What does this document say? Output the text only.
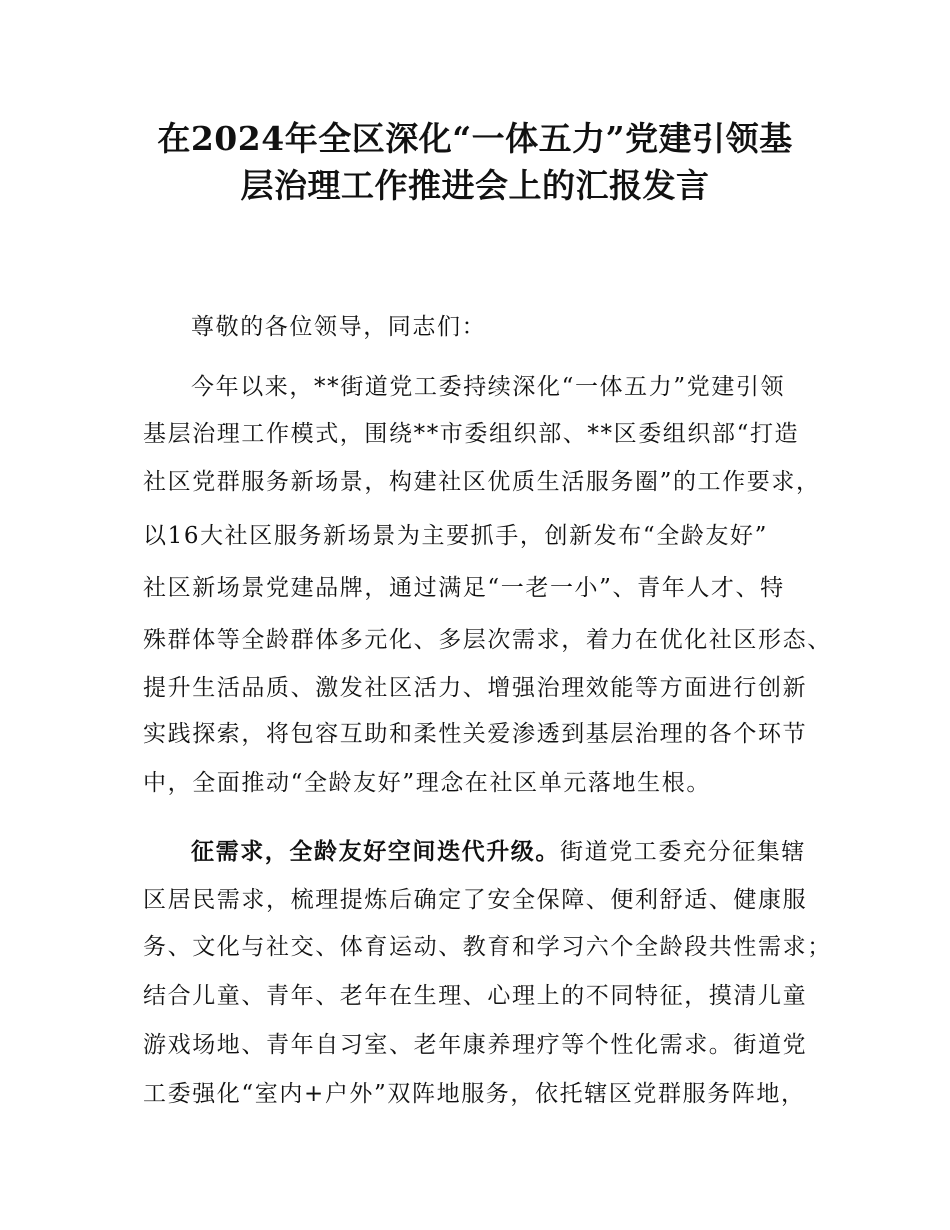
在2024年全区深化“一体五力”党建引领基
层治理工作推进会上的汇报发言
尊敬的各位领导，同志们：
今年以来，**街道党工委持续深化“一体五力”党建引领
基层治理工作模式，围绕**市委组织部、**区委组织部“打造
社区党群服务新场景，构建社区优质生活服务圈”的工作要求，
以16大社区服务新场景为主要抓手，创新发布“全龄友好”
社区新场景党建品牌，通过满足“一老一小”、青年人才、特
殊群体等全龄群体多元化、多层次需求，着力在优化社区形态、
提升生活品质、激发社区活力、增强治理效能等方面进行创新
实践探索，将包容互助和柔性关爱渗透到基层治理的各个环节
中，全面推动“全龄友好”理念在社区单元落地生根。
征需求，全龄友好空间迭代升级。街道党工委充分征集辖
区居民需求，梳理提炼后确定了安全保障、便利舒适、健康服
务、文化与社交、体育运动、教育和学习六个全龄段共性需求；
结合儿童、青年、老年在生理、心理上的不同特征，摸清儿童
游戏场地、青年自习室、老年康养理疗等个性化需求。街道党
工委强化“室内+户外”双阵地服务，依托辖区党群服务阵地，
